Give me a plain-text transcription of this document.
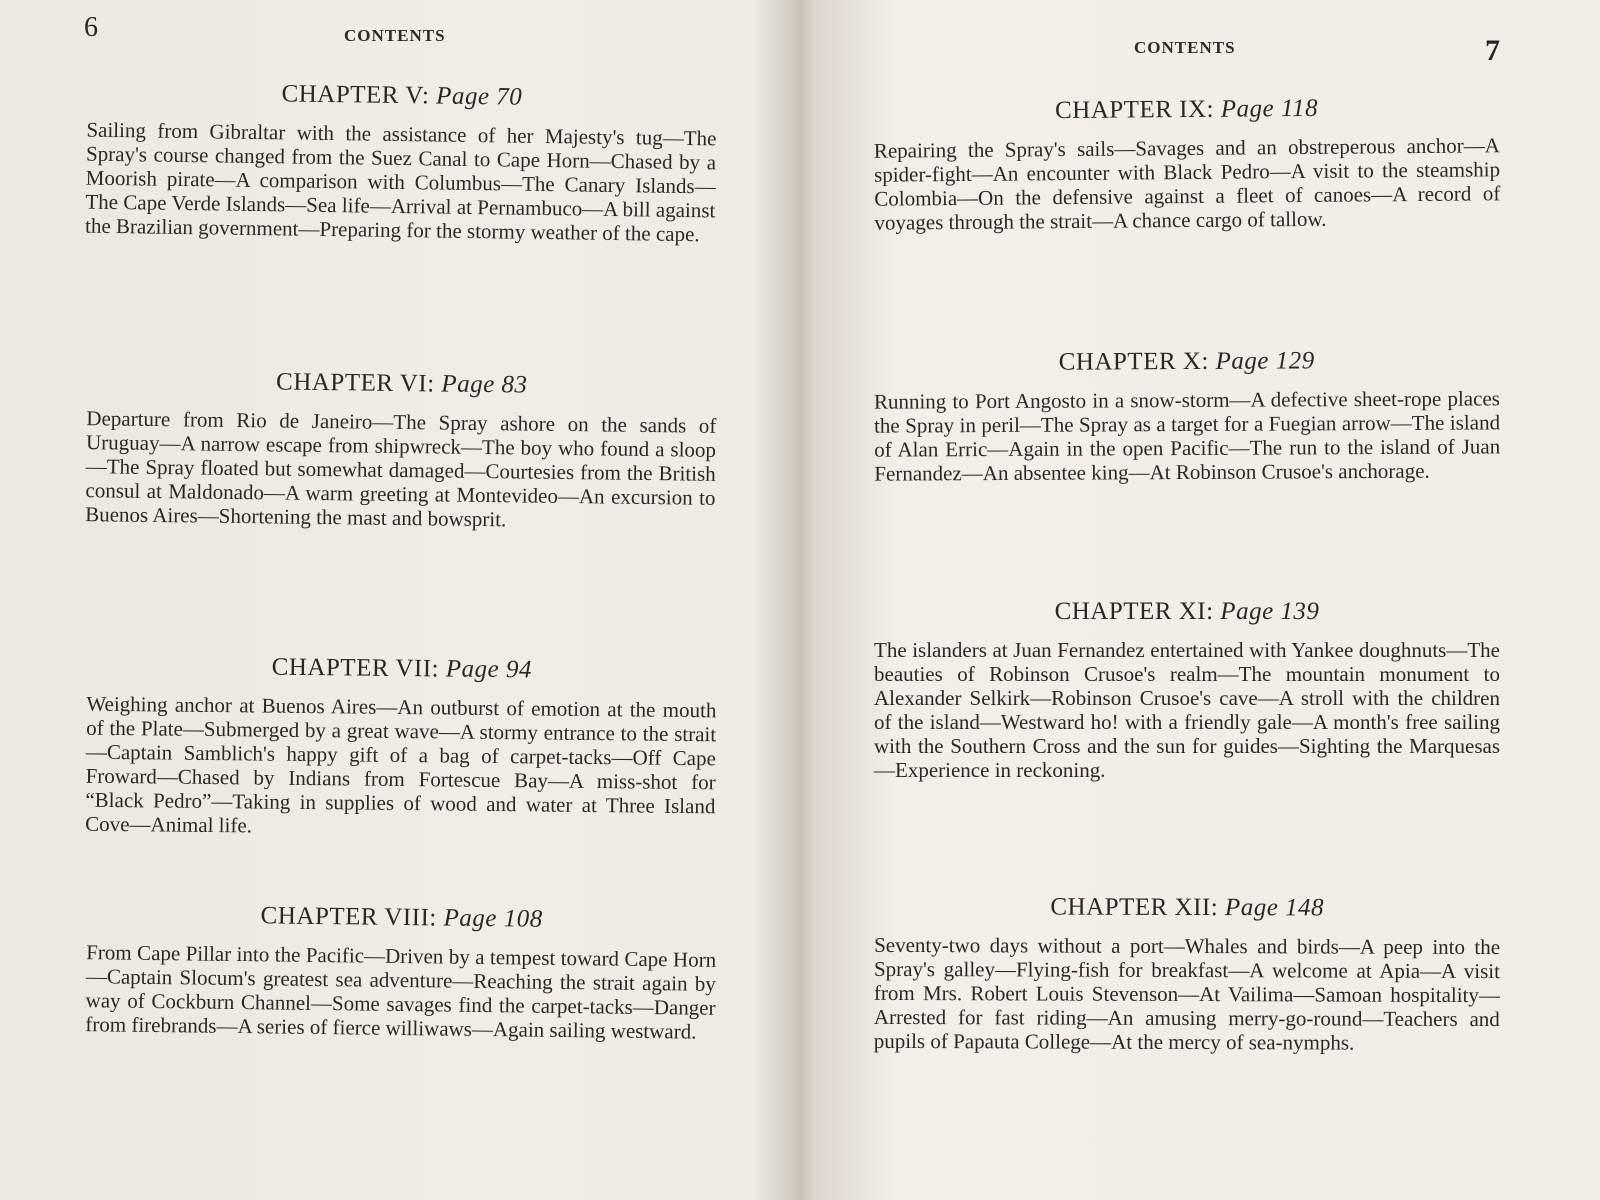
6	CONTENTS
CHAPTER V: Page 70
Sailing from Gibraltar with the assistance of her Majesty's tug—The Spray's course changed from the Suez Canal to Cape Horn—Chased by a Moorish pirate—A comparison with Columbus—The Canary Islands—The Cape Verde Islands—Sea life—Arrival at Pernambuco—A bill against the Brazilian government—Preparing for the stormy weather of the cape.
CHAPTER VI: Page 83
Departure from Rio de Janeiro—The Spray ashore on the sands of Uruguay—A narrow escape from shipwreck—The boy who found a sloop—The Spray floated but somewhat damaged—Courtesies from the British consul at Maldonado—A warm greeting at Montevideo—An excursion to Buenos Aires—Shortening the mast and bowsprit.
CHAPTER VII: Page 94
Weighing anchor at Buenos Aires—An outburst of emotion at the mouth of the Plate—Submerged by a great wave—A stormy entrance to the strait—Captain Samblich's happy gift of a bag of carpet-tacks—Off Cape Froward—Chased by Indians from Fortescue Bay—A miss-shot for “Black Pedro”—Taking in supplies of wood and water at Three Island Cove—Animal life.
CHAPTER VIII: Page 108
From Cape Pillar into the Pacific—Driven by a tempest toward Cape Horn—Captain Slocum's greatest sea adventure—Reaching the strait again by way of Cockburn Channel—Some savages find the carpet-tacks—Danger from firebrands—A series of fierce williwaws—Again sailing westward.
CONTENTS	7
CHAPTER IX: Page 118
Repairing the Spray's sails—Savages and an obstreperous anchor—A spider-fight—An encounter with Black Pedro—A visit to the steamship Colombia—On the defensive against a fleet of canoes—A record of voyages through the strait—A chance cargo of tallow.
CHAPTER X: Page 129
Running to Port Angosto in a snow-storm—A defective sheet-rope places the Spray in peril—The Spray as a target for a Fuegian arrow—The island of Alan Erric—Again in the open Pacific—The run to the island of Juan Fernandez—An absentee king—At Robinson Crusoe's anchorage.
CHAPTER XI: Page 139
The islanders at Juan Fernandez entertained with Yankee doughnuts—The beauties of Robinson Crusoe's realm—The mountain monument to Alexander Selkirk—Robinson Crusoe's cave—A stroll with the children of the island—Westward ho! with a friendly gale—A month's free sailing with the Southern Cross and the sun for guides—Sighting the Marquesas—Experience in reckoning.
CHAPTER XII: Page 148
Seventy-two days without a port—Whales and birds—A peep into the Spray's galley—Flying-fish for breakfast—A welcome at Apia—A visit from Mrs. Robert Louis Stevenson—At Vailima—Samoan hospitality—Arrested for fast riding—An amusing merry-go-round—Teachers and pupils of Papauta College—At the mercy of sea-nymphs.
